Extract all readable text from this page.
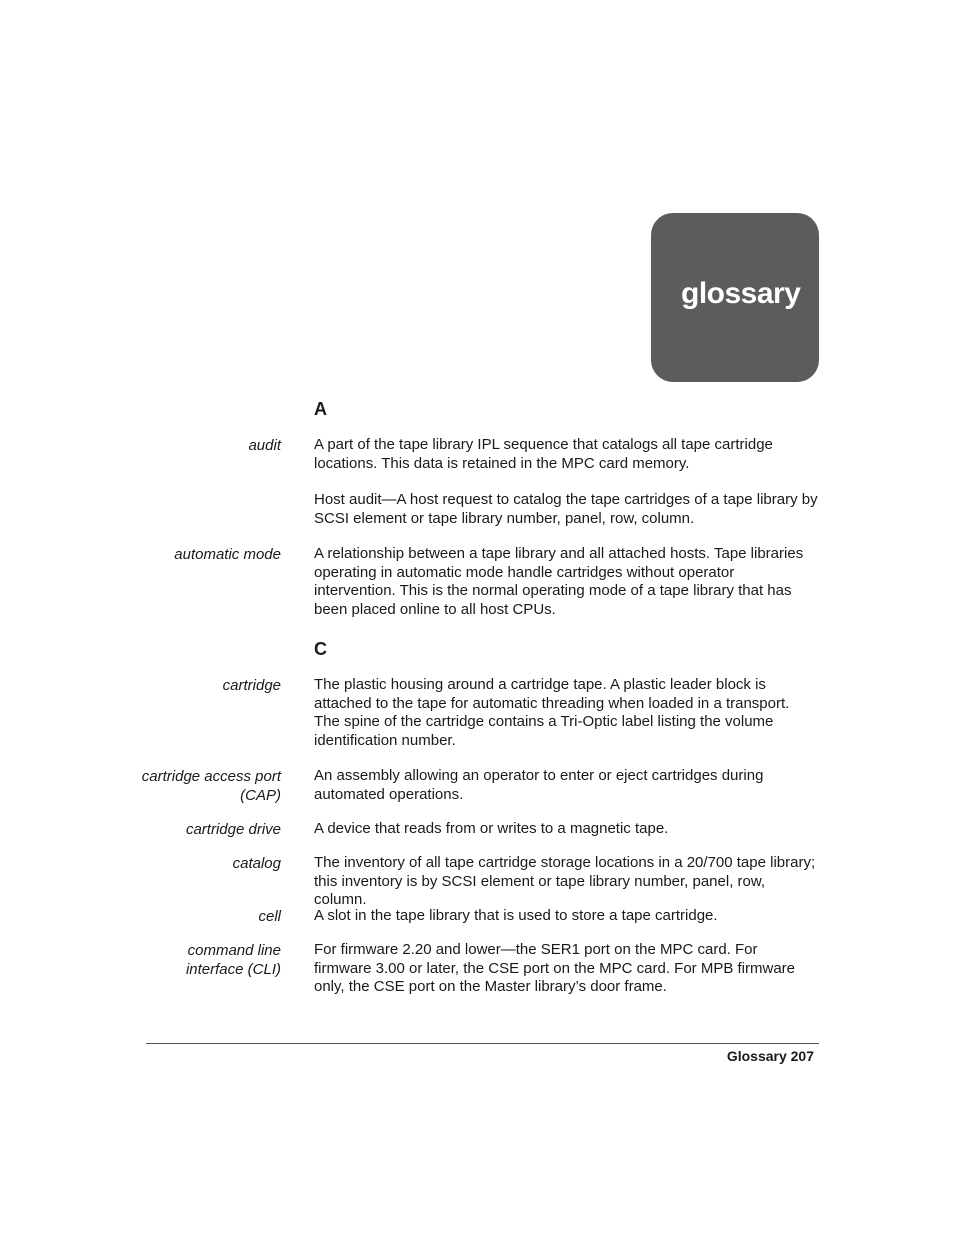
glossary
A
audit A part of the tape library IPL sequence that catalogs all tape cartridge locations. This data is retained in the MPC card memory.

Host audit—A host request to catalog the tape cartridges of a tape library by SCSI element or tape library number, panel, row, column.

automatic mode A relationship between a tape library and all attached hosts. Tape libraries operating in automatic mode handle cartridges without operator intervention. This is the normal operating mode of a tape library that has been placed online to all host CPUs.

C
cartridge The plastic housing around a cartridge tape. A plastic leader block is attached to the tape for automatic threading when loaded in a transport. The spine of the cartridge contains a Tri-Optic label listing the volume identification number.

cartridge access port
(CAP)

An assembly allowing an operator to enter or eject cartridges during automated operations.

cartridge drive A device that reads from or writes to a magnetic tape.

catalog The inventory of all tape cartridge storage locations in a 20/700 tape library; this inventory is by SCSI element or tape library number, panel, row, column.

cell A slot in the tape library that is used to store a tape cartridge.

command line
interface (CLI)

For firmware 2.20 and lower—the SER1 port on the MPC card. For firmware 3.00 or later, the CSE port on the MPC card. For MPB firmware only, the CSE port on the Master library’s door frame.

Glossary 207
